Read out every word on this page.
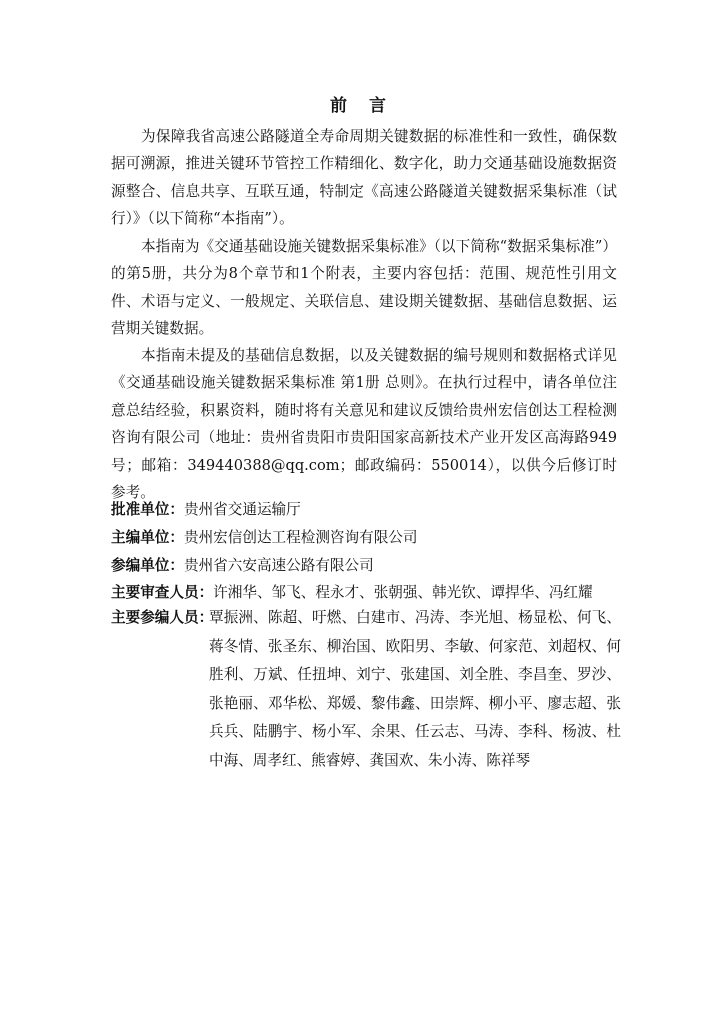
前 言

为保障我省高速公路隧道全寿命周期关键数据的标准性和一致性，确保数据可溯源，推进关键环节管控工作精细化、数字化，助力交通基础设施数据资源整合、信息共享、互联互通，特制定《高速公路隧道关键数据采集标准（试行）》（以下简称“本指南”）。

本指南为《交通基础设施关键数据采集标准》（以下简称“数据采集标准”）的第5册，共分为8个章节和1个附表，主要内容包括：范围、规范性引用文件、术语与定义、一般规定、关联信息、建设期关键数据、基础信息数据、运营期关键数据。

本指南未提及的基础信息数据，以及关键数据的编号规则和数据格式详见《交通基础设施关键数据采集标准 第1册 总则》。在执行过程中，请各单位注意总结经验，积累资料，随时将有关意见和建议反馈给贵州宏信创达工程检测咨询有限公司（地址：贵州省贵阳市贵阳国家高新技术产业开发区高海路949号；邮箱：349440388@qq.com；邮政编码：550014），以供今后修订时参考。

批准单位：贵州省交通运输厅
主编单位：贵州宏信创达工程检测咨询有限公司
参编单位：贵州省六安高速公路有限公司
主要审查人员：许湘华、邹飞、程永才、张朝强、韩光钦、谭捍华、冯红耀
主要参编人员：
覃振洲、陈超、吁燃、白建市、冯涛、李光旭、杨显松、何飞、蒋冬情、张圣东、柳治国、欧阳男、李敏、何家范、刘超权、何胜利、万斌、任扭坤、刘宁、张建国、刘全胜、李昌奎、罗沙、张艳丽、邓华松、郑媛、黎伟鑫、田崇辉、柳小平、廖志超、张兵兵、陆鹏宇、杨小军、余果、任云志、马涛、李科、杨波、杜中海、周孝红、熊睿婷、龚国欢、朱小涛、陈祥琴
